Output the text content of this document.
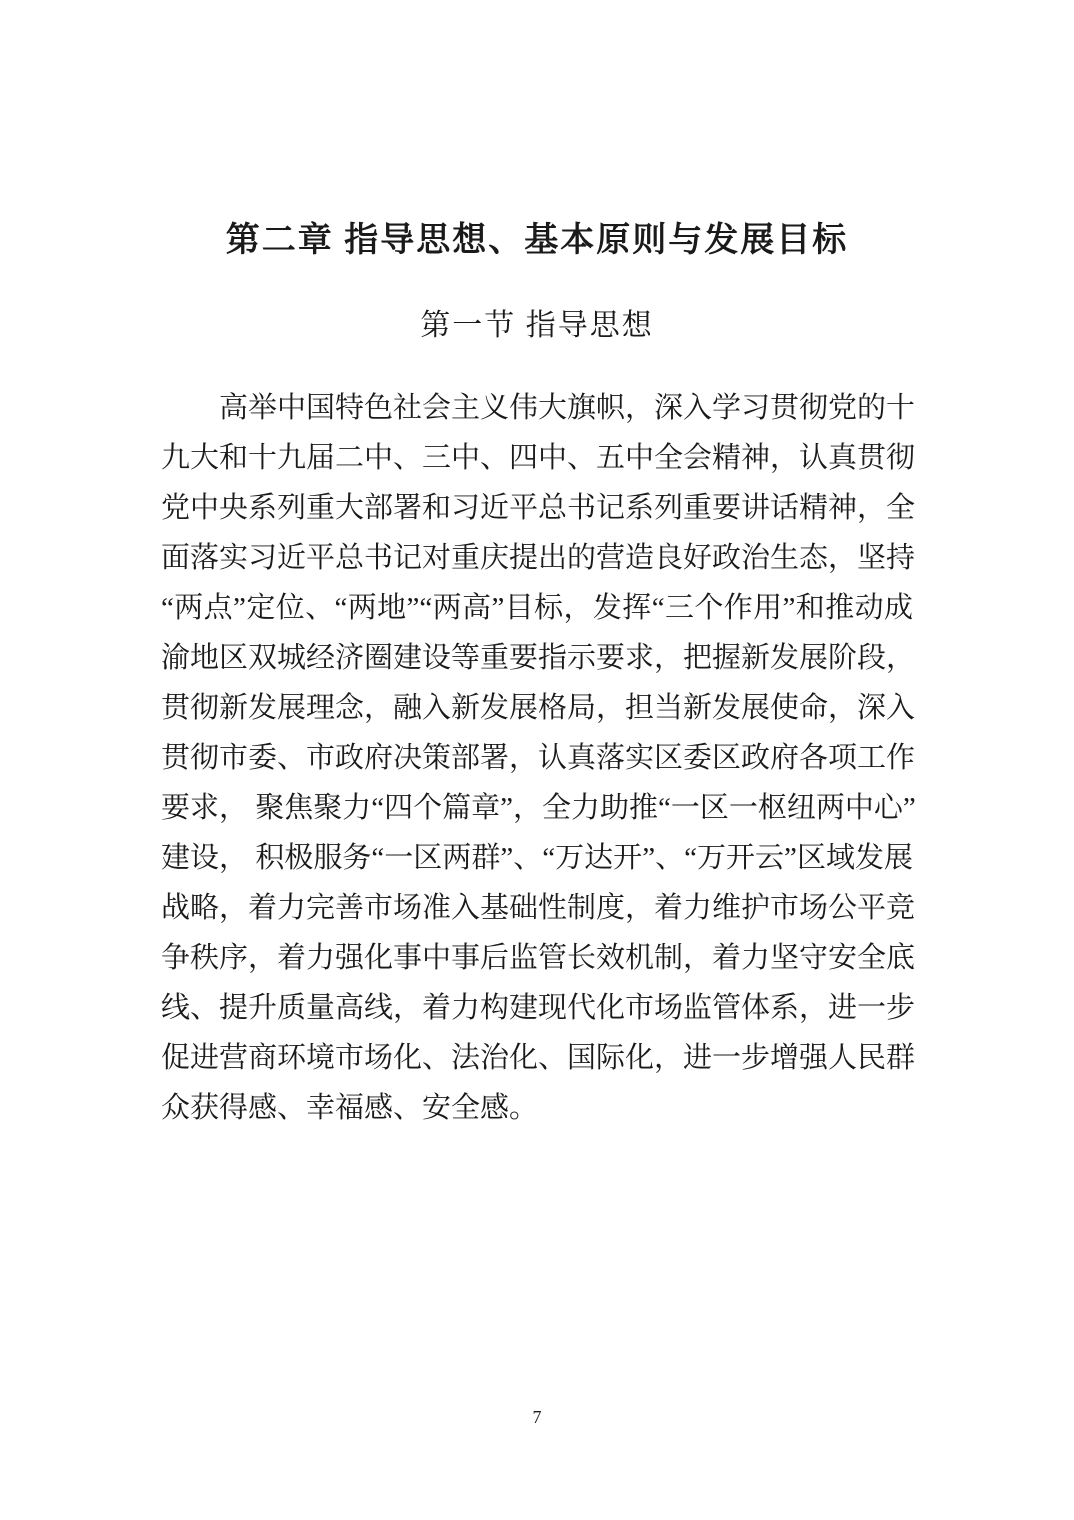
第二章 指导思想、基本原则与发展目标
第一节 指导思想
高举中国特色社会主义伟大旗帜，深入学习贯彻党的十
九大和十九届二中、三中、四中、五中全会精神，认真贯彻
党中央系列重大部署和习近平总书记系列重要讲话精神，全
面落实习近平总书记对重庆提出的营造良好政治生态，坚持
“两点”定位、“两地”“两高”目标，发挥“三个作用”和推动成
渝地区双城经济圈建设等重要指示要求，把握新发展阶段，
贯彻新发展理念，融入新发展格局，担当新发展使命，深入
贯彻市委、市政府决策部署，认真落实区委区政府各项工作
要求， 聚焦聚力“四个篇章”，全力助推“一区一枢纽两中心”
建设， 积极服务“一区两群”、“万达开”、“万开云”区域发展
战略，着力完善市场准入基础性制度，着力维护市场公平竞
争秩序，着力强化事中事后监管长效机制，着力坚守安全底
线、提升质量高线，着力构建现代化市场监管体系，进一步
促进营商环境市场化、法治化、国际化，进一步增强人民群
众获得感、幸福感、安全感。
7
